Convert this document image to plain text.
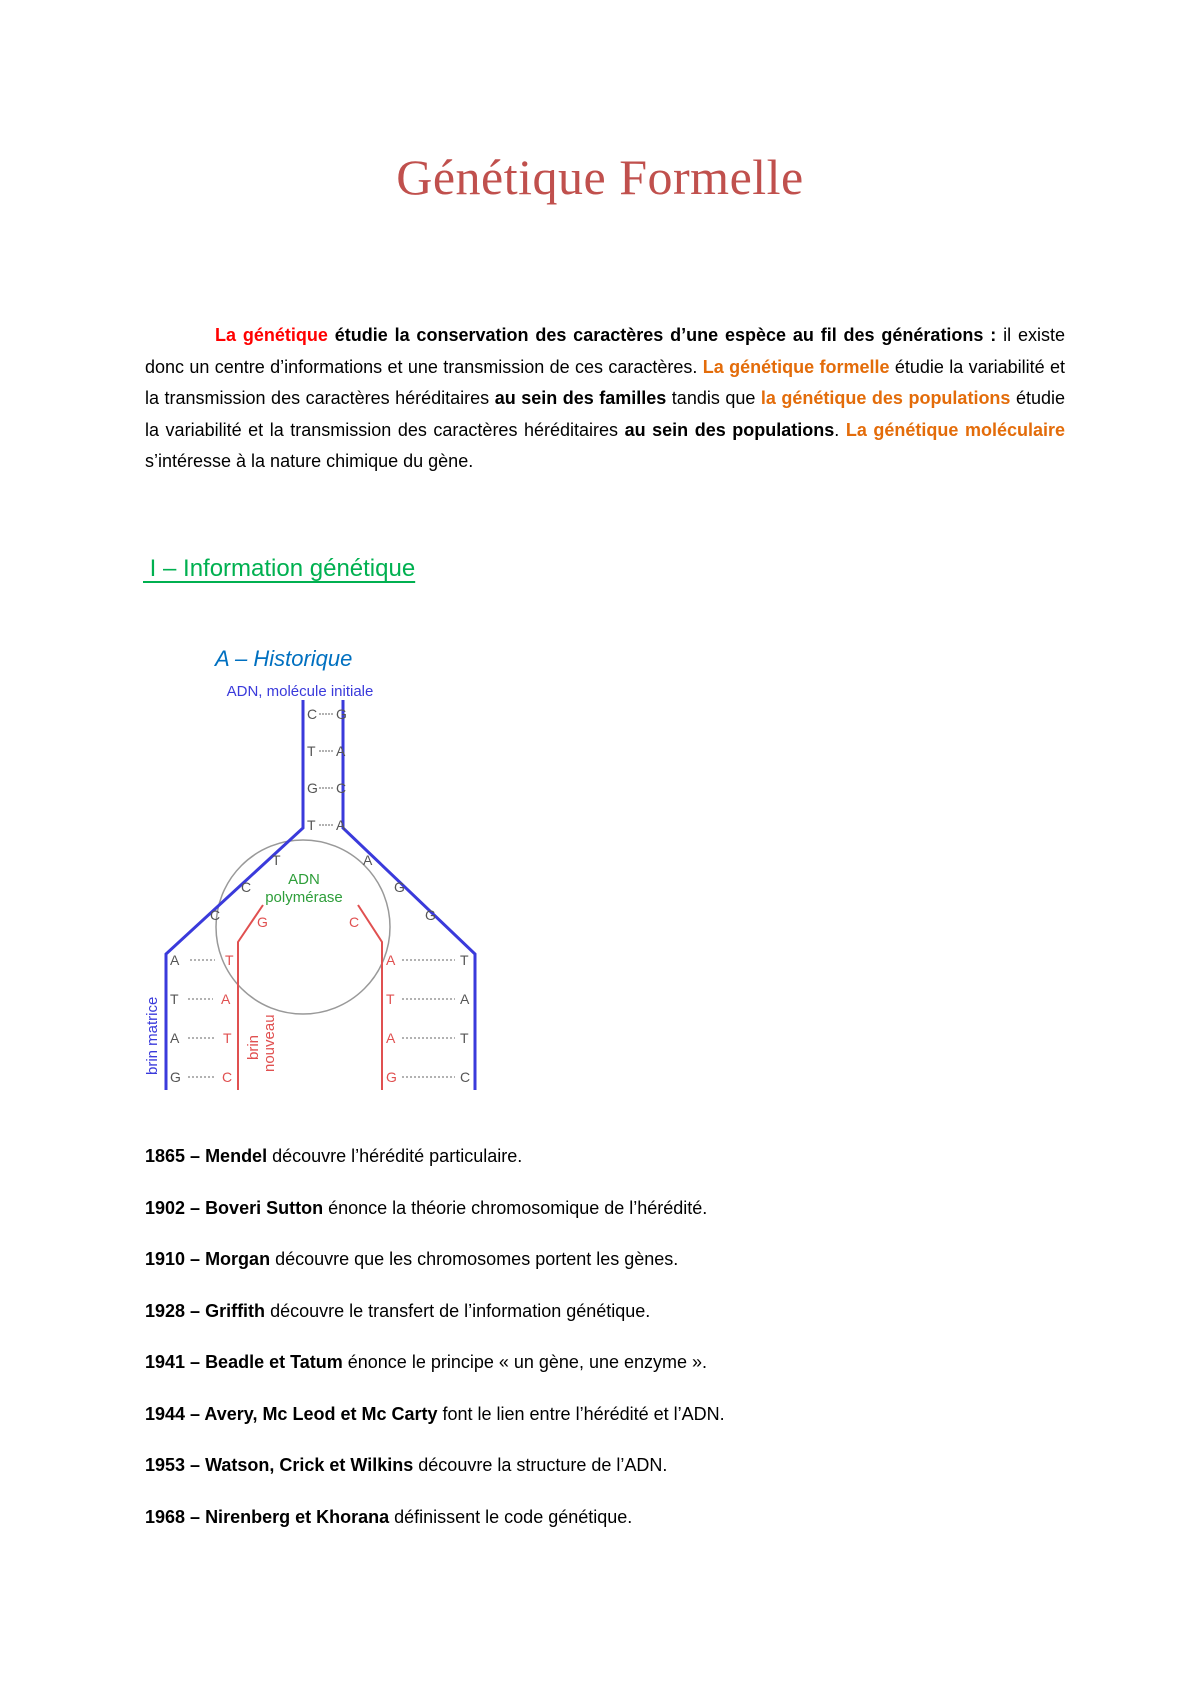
Génétique Formelle

La génétique étudie la conservation des caractères d’une espèce au fil des générations : il existe donc un centre d’informations et une transmission de ces caractères. La génétique formelle étudie la variabilité et la transmission des caractères héréditaires au sein des familles tandis que la génétique des populations étudie la variabilité et la transmission des caractères héréditaires au sein des populations. La génétique moléculaire s’intéresse à la nature chimique du gène.

I – Information génétique
A – Historique
ADN, molécule initiale
C G
T A
G C
T A
T
C
C
A
G
G
ADN
polymérase
G	C
A	T
T	A
A	T
G	C
A	T
T	A
A	T
G	C
brin matrice	brin nouveau
1865 – Mendel découvre l’hérédité particulaire.
1902 – Boveri Sutton énonce la théorie chromosomique de l’hérédité.
1910 – Morgan découvre que les chromosomes portent les gènes.
1928 – Griffith découvre le transfert de l’information génétique.
1941 – Beadle et Tatum énonce le principe « un gène, une enzyme ».
1944 – Avery, Mc Leod et Mc Carty font le lien entre l’hérédité et l’ADN.
1953 – Watson, Crick et Wilkins découvre la structure de l’ADN.
1968 – Nirenberg et Khorana définissent le code génétique.
